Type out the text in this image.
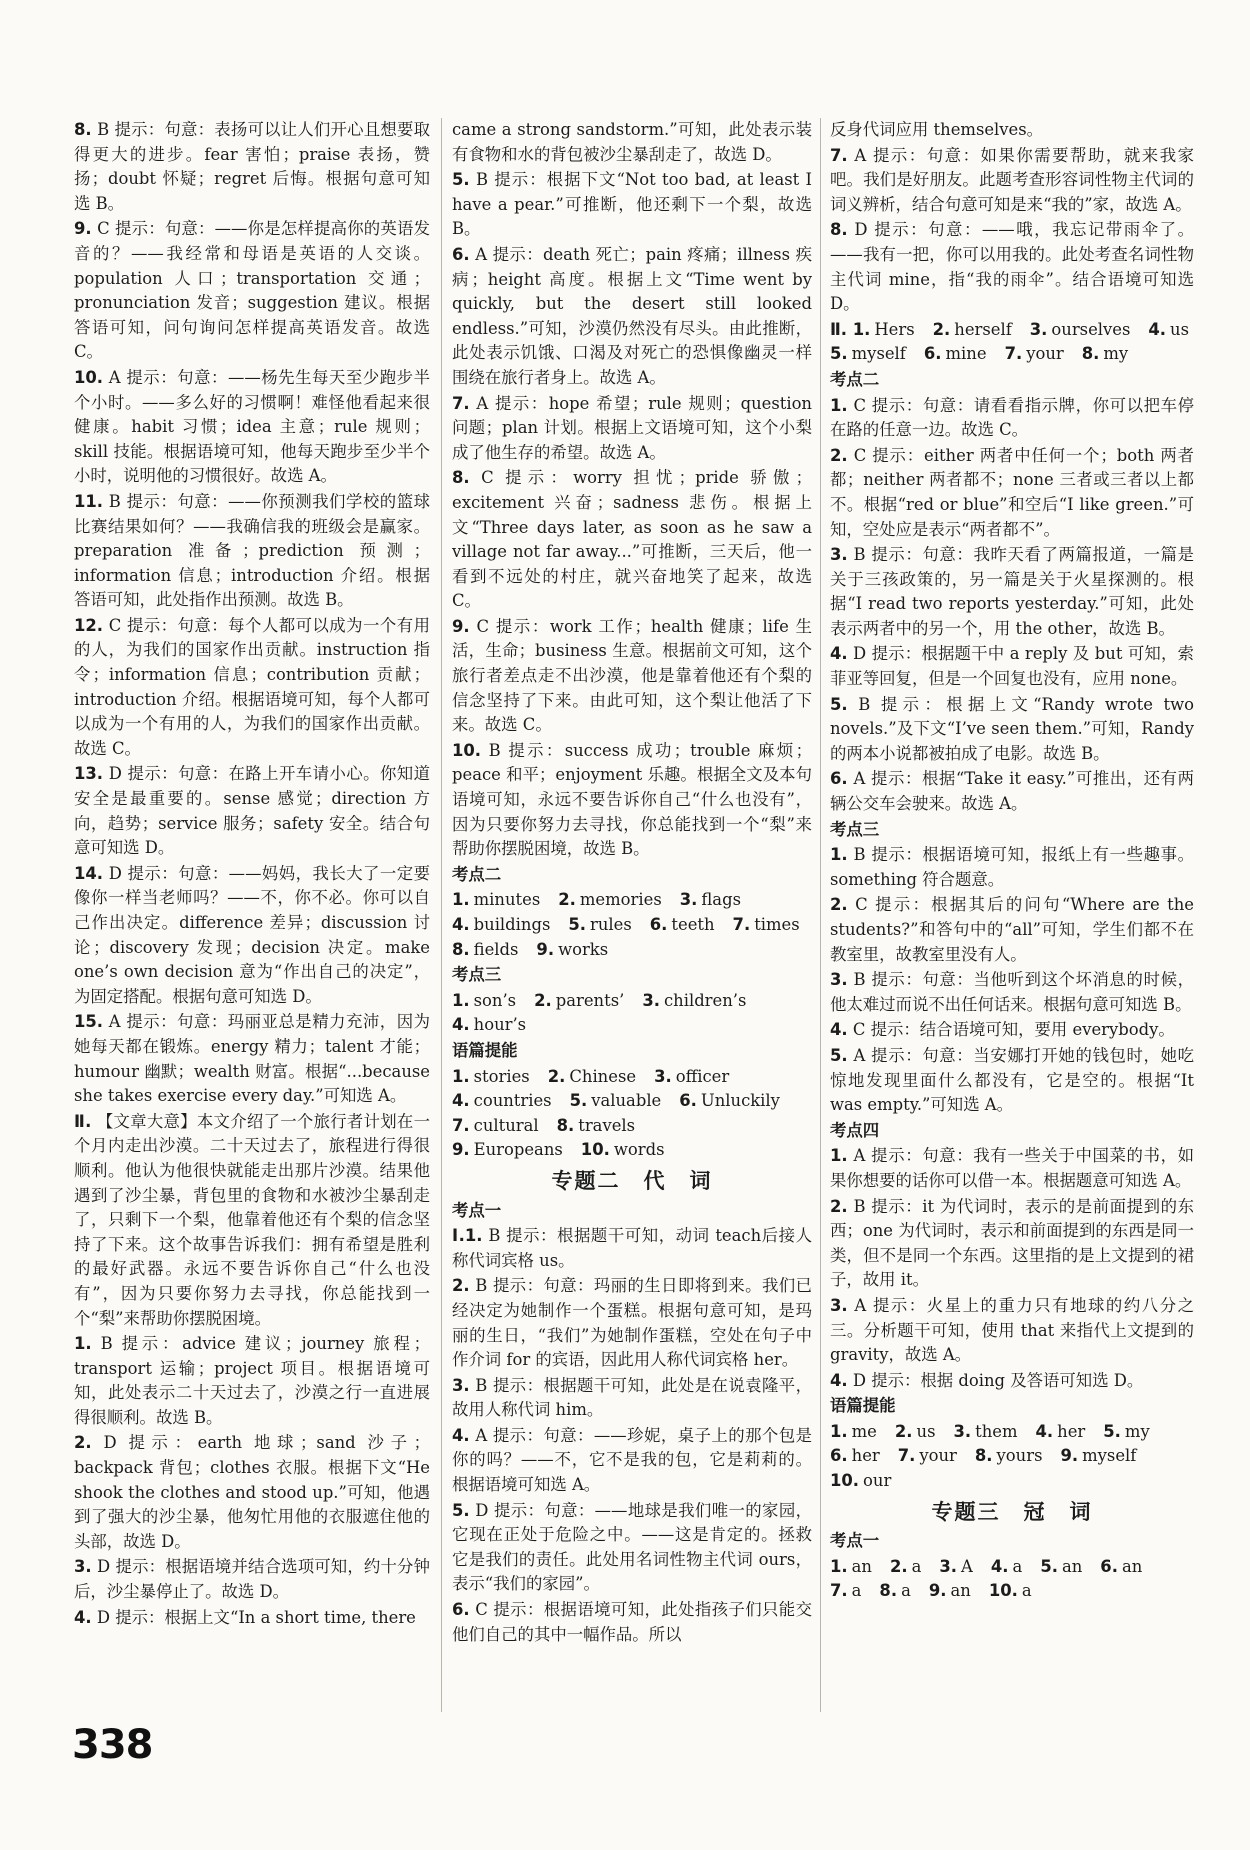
8. B 提示：句意：表扬可以让人们开心且想要取得更大的进步。fear 害怕；praise 表扬，赞扬；doubt 怀疑；regret 后悔。根据句意可知选 B。
9. C 提示：句意：——你是怎样提高你的英语发音的？——我经常和母语是英语的人交谈。population 人口；transportation 交通；pronunciation 发音；suggestion 建议。根据答语可知，问句询问怎样提高英语发音。故选 C。
10. A 提示：句意：——杨先生每天至少跑步半个小时。——多么好的习惯啊！难怪他看起来很健康。habit 习惯；idea 主意；rule 规则；skill 技能。根据语境可知，他每天跑步至少半个小时，说明他的习惯很好。故选 A。
11. B 提示：句意：——你预测我们学校的篮球比赛结果如何？——我确信我的班级会是赢家。preparation 准备；prediction 预测；information 信息；introduction 介绍。根据答语可知，此处指作出预测。故选 B。
12. C 提示：句意：每个人都可以成为一个有用的人，为我们的国家作出贡献。instruction 指令；information 信息；contribution 贡献；introduction 介绍。根据语境可知，每个人都可以成为一个有用的人，为我们的国家作出贡献。故选 C。
13. D 提示：句意：在路上开车请小心。你知道安全是最重要的。sense 感觉；direction 方向，趋势；service 服务；safety 安全。结合句意可知选 D。
14. D 提示：句意：——妈妈，我长大了一定要像你一样当老师吗？——不，你不必。你可以自己作出决定。difference 差异；discussion 讨论；discovery 发现；decision 决定。make one’s own decision 意为“作出自己的决定”，为固定搭配。根据句意可知选 D。
15. A 提示：句意：玛丽亚总是精力充沛，因为她每天都在锻炼。energy 精力；talent 才能；humour 幽默；wealth 财富。根据“...because she takes exercise every day.”可知选 A。
Ⅱ. 【文章大意】本文介绍了一个旅行者计划在一个月内走出沙漠。二十天过去了，旅程进行得很顺利。他认为他很快就能走出那片沙漠。结果他遇到了沙尘暴，背包里的食物和水被沙尘暴刮走了，只剩下一个梨，他靠着他还有个梨的信念坚持了下来。这个故事告诉我们：拥有希望是胜利的最好武器。永远不要告诉你自己“什么也没有”，因为只要你努力去寻找，你总能找到一个“梨”来帮助你摆脱困境。
1. B 提示：advice 建议；journey 旅程；transport 运输；project 项目。根据语境可知，此处表示二十天过去了，沙漠之行一直进展得很顺利。故选 B。
2. D 提示：earth 地球；sand 沙子；backpack 背包；clothes 衣服。根据下文“He shook the clothes and stood up.”可知，他遇到了强大的沙尘暴，他匆忙用他的衣服遮住他的头部，故选 D。
3. D 提示：根据语境并结合选项可知，约十分钟后，沙尘暴停止了。故选 D。
4. D 提示：根据上文“In a short time, there
came a strong sandstorm.”可知，此处表示装有食物和水的背包被沙尘暴刮走了，故选 D。
5. B 提示：根据下文“Not too bad, at least I have a pear.”可推断，他还剩下一个梨，故选 B。
6. A 提示：death 死亡；pain 疼痛；illness 疾病；height 高度。根据上文“Time went by quickly, but the desert still looked endless.”可知，沙漠仍然没有尽头。由此推断，此处表示饥饿、口渴及对死亡的恐惧像幽灵一样围绕在旅行者身上。故选 A。
7. A 提示：hope 希望；rule 规则；question 问题；plan 计划。根据上文语境可知，这个小梨成了他生存的希望。故选 A。
8. C 提示：worry 担忧；pride 骄傲；excitement 兴奋；sadness 悲伤。根据上文“Three days later, as soon as he saw a village not far away...”可推断，三天后，他一看到不远处的村庄，就兴奋地笑了起来，故选 C。
9. C 提示：work 工作；health 健康；life 生活，生命；business 生意。根据前文可知，这个旅行者差点走不出沙漠，他是靠着他还有个梨的信念坚持了下来。由此可知，这个梨让他活了下来。故选 C。
10. B 提示：success 成功；trouble 麻烦；peace 和平；enjoyment 乐趣。根据全文及本句语境可知，永远不要告诉你自己“什么也没有”，因为只要你努力去寻找，你总能找到一个“梨”来帮助你摆脱困境，故选 B。
考点二
1. minutes 2. memories 3. flags
4. buildings 5. rules 6. teeth 7. times
8. fields 9. works
考点三
1. son’s 2. parents’ 3. children’s
4. hour’s
语篇提能
1. stories 2. Chinese 3. officer
4. countries 5. valuable 6. Unluckily
7. cultural 8. travels
9. Europeans 10. words
专题二　代　词
考点一
Ⅰ.1. B 提示：根据题干可知，动词 teach后接人称代词宾格 us。
2. B 提示：句意：玛丽的生日即将到来。我们已经决定为她制作一个蛋糕。根据句意可知，是玛丽的生日，“我们”为她制作蛋糕，空处在句子中作介词 for 的宾语，因此用人称代词宾格 her。
3. B 提示：根据题干可知，此处是在说袁隆平，故用人称代词 him。
4. A 提示：句意：——珍妮，桌子上的那个包是你的吗？——不，它不是我的包，它是莉莉的。根据语境可知选 A。
5. D 提示：句意：——地球是我们唯一的家园，它现在正处于危险之中。——这是肯定的。拯救它是我们的责任。此处用名词性物主代词 ours，表示“我们的家园”。
6. C 提示：根据语境可知，此处指孩子们只能交他们自己的其中一幅作品。所以
反身代词应用 themselves。
7. A 提示：句意：如果你需要帮助，就来我家吧。我们是好朋友。此题考查形容词性物主代词的词义辨析，结合句意可知是来“我的”家，故选 A。
8. D 提示：句意：——哦，我忘记带雨伞了。——我有一把，你可以用我的。此处考查名词性物主代词 mine，指“我的雨伞”。结合语境可知选 D。
Ⅱ. 1. Hers 2. herself 3. ourselves 4. us
5. myself 6. mine 7. your 8. my
考点二
1. C 提示：句意：请看看指示牌，你可以把车停在路的任意一边。故选 C。
2. C 提示：either 两者中任何一个；both 两者都；neither 两者都不；none 三者或三者以上都不。根据“red or blue”和空后“I like green.”可知，空处应是表示“两者都不”。
3. B 提示：句意：我昨天看了两篇报道，一篇是关于三孩政策的，另一篇是关于火星探测的。根据“I read two reports yesterday.”可知，此处表示两者中的另一个，用 the other，故选 B。
4. D 提示：根据题干中 a reply 及 but 可知，索菲亚等回复，但是一个回复也没有，应用 none。
5. B 提示：根据上文“Randy wrote two novels.”及下文“I’ve seen them.”可知，Randy 的两本小说都被拍成了电影。故选 B。
6. A 提示：根据“Take it easy.”可推出，还有两辆公交车会驶来。故选 A。
考点三
1. B 提示：根据语境可知，报纸上有一些趣事。something 符合题意。
2. C 提示：根据其后的问句“Where are the students?”和答句中的“all”可知，学生们都不在教室里，故教室里没有人。
3. B 提示：句意：当他听到这个坏消息的时候，他太难过而说不出任何话来。根据句意可知选 B。
4. C 提示：结合语境可知，要用 everybody。
5. A 提示：句意：当安娜打开她的钱包时，她吃惊地发现里面什么都没有，它是空的。根据“It was empty.”可知选 A。
考点四
1. A 提示：句意：我有一些关于中国菜的书，如果你想要的话你可以借一本。根据题意可知选 A。
2. B 提示：it 为代词时，表示的是前面提到的东西；one 为代词时，表示和前面提到的东西是同一类，但不是同一个东西。这里指的是上文提到的裙子，故用 it。
3. A 提示：火星上的重力只有地球的约八分之三。分析题干可知，使用 that 来指代上文提到的 gravity，故选 A。
4. D 提示：根据 doing 及答语可知选 D。
语篇提能
1. me 2. us 3. them 4. her 5. my
6. her 7. your 8. yours 9. myself
10. our
专题三　冠　词
考点一
1. an 2. a 3. A 4. a 5. an 6. an
7. a 8. a 9. an 10. a
338
